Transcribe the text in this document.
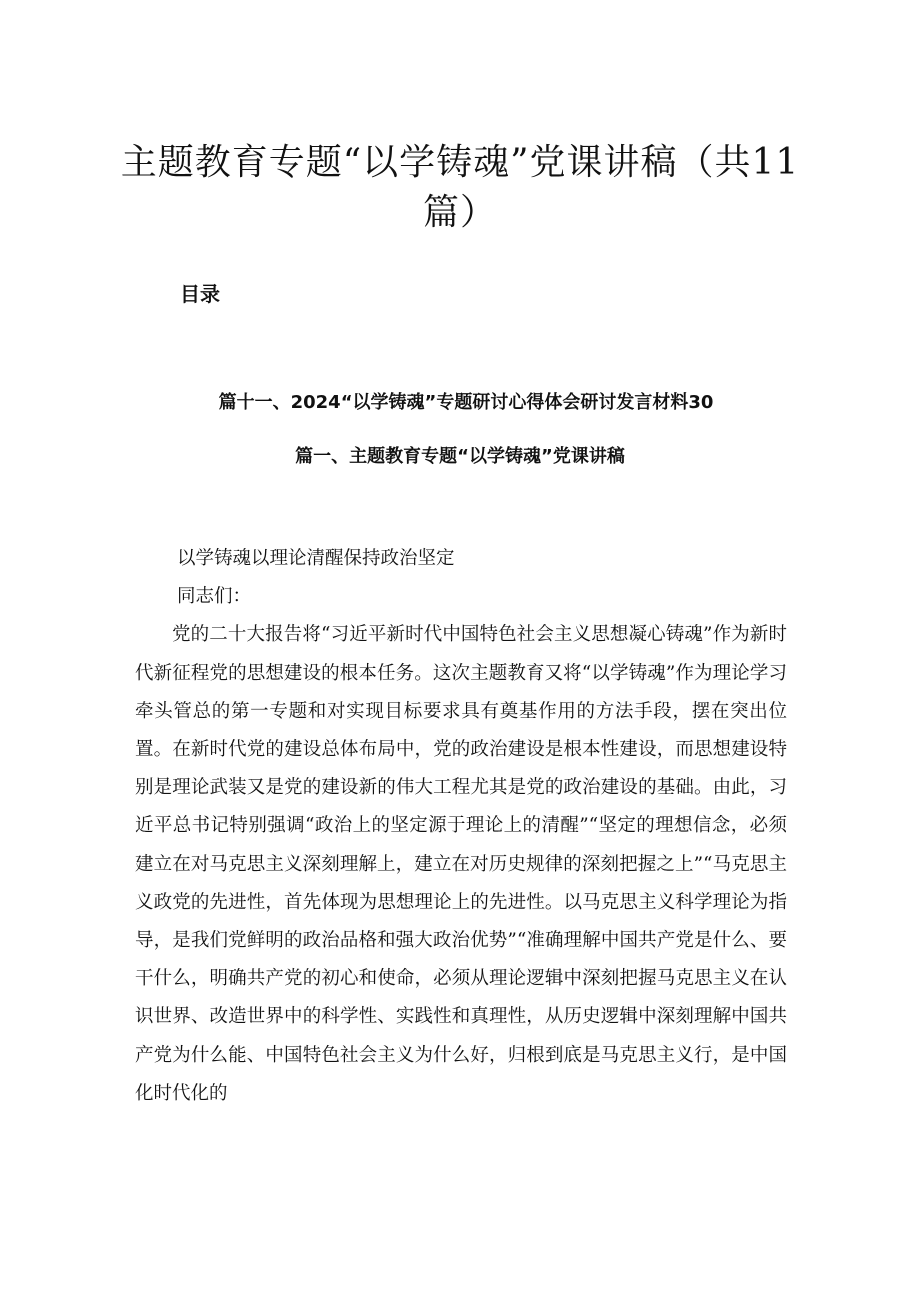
主题教育专题“以学铸魂”党课讲稿（共11篇）
目录
篇十一、2024“以学铸魂”专题研讨心得体会研讨发言材料30
篇一、主题教育专题“以学铸魂”党课讲稿

以学铸魂以理论清醒保持政治坚定

同志们：

党的二十大报告将“习近平新时代中国特色社会主义思想凝心铸魂”作为新时代新征程党的思想建设的根本任务。这次主题教育又将“以学铸魂”作为理论学习牵头管总的第一专题和对实现目标要求具有奠基作用的方法手段，摆在突出位置。在新时代党的建设总体布局中，党的政治建设是根本性建设，而思想建设特别是理论武装又是党的建设新的伟大工程尤其是党的政治建设的基础。由此，习近平总书记特别强调“政治上的坚定源于理论上的清醒”“坚定的理想信念，必须建立在对马克思主义深刻理解上，建立在对历史规律的深刻把握之上”“马克思主义政党的先进性，首先体现为思想理论上的先进性。以马克思主义科学理论为指导，是我们党鲜明的政治品格和强大政治优势”“准确理解中国共产党是什么、要干什么，明确共产党的初心和使命，必须从理论逻辑中深刻把握马克思主义在认识世界、改造世界中的科学性、实践性和真理性，从历史逻辑中深刻理解中国共产党为什么能、中国特色社会主义为什么好，归根到底是马克思主义行，是中国化时代化的
